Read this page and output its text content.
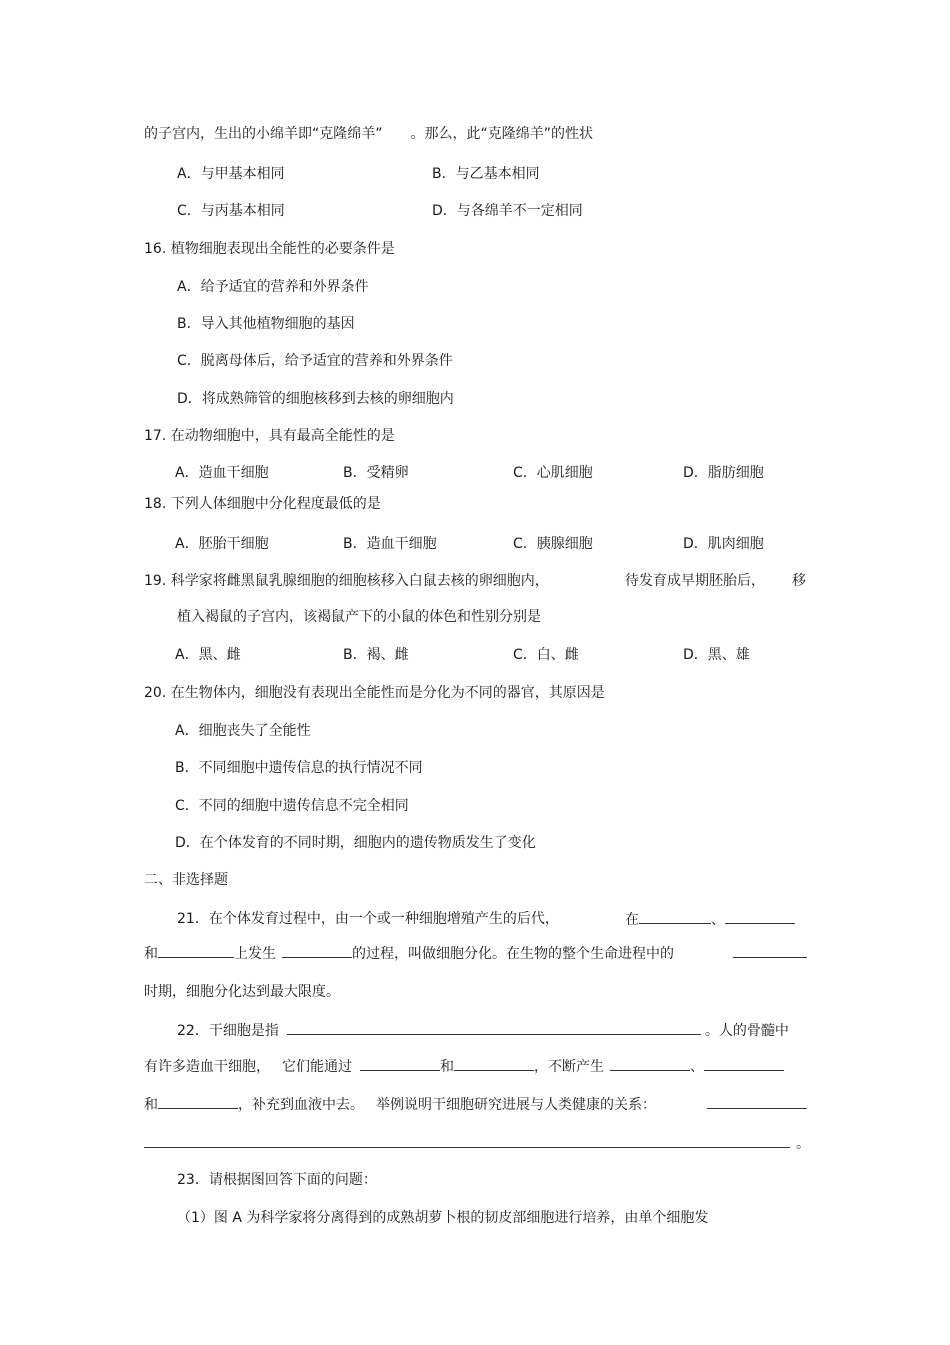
的子宫内，生出的小绵羊即“克隆绵羊” 。那么，此“克隆绵羊”的性状
A．与甲基本相同	B．与乙基本相同
C．与丙基本相同	D．与各绵羊不一定相同
16. 植物细胞表现出全能性的必要条件是
A．给予适宜的营养和外界条件
B．导入其他植物细胞的基因
C．脱离母体后，给予适宜的营养和外界条件
D．将成熟筛管的细胞核移到去核的卵细胞内
17. 在动物细胞中，具有最高全能性的是
A．造血干细胞	B．受精卵	C．心肌细胞	D．脂肪细胞
18. 下列人体细胞中分化程度最低的是
A．胚胎干细胞	B．造血干细胞	C．胰腺细胞	D．肌肉细胞
19. 科学家将雌黑鼠乳腺细胞的细胞核移入白鼠去核的卵细胞内，	待发育成早期胚胎后， 移
植入褐鼠的子宫内，该褐鼠产下的小鼠的体色和性别分别是
A．黑、雌	B．褐、雌	C．白、雌	D．黑、雄
20. 在生物体内，细胞没有表现出全能性而是分化为不同的器官，其原因是
A．细胞丧失了全能性
B．不同细胞中遗传信息的执行情况不同
C．不同的细胞中遗传信息不完全相同
D．在个体发育的不同时期，细胞内的遗传物质发生了变化
二、非选择题
21．在个体发育过程中，由一个或一种细胞增殖产生的后代，	在	、
和	上发生	的过程，叫做细胞分化。在生物的整个生命进程中的
时期，细胞分化达到最大限度。
22．干细胞是指	。人的骨髓中
有许多造血干细胞， 它们能通过	和	，不断产生	、
和	，补充到血液中去。 举例说明干细胞研究进展与人类健康的关系：
。
23．请根据图回答下面的问题：
（1）图 A 为科学家将分离得到的成熟胡萝卜根的韧皮部细胞进行培养，由单个细胞发
